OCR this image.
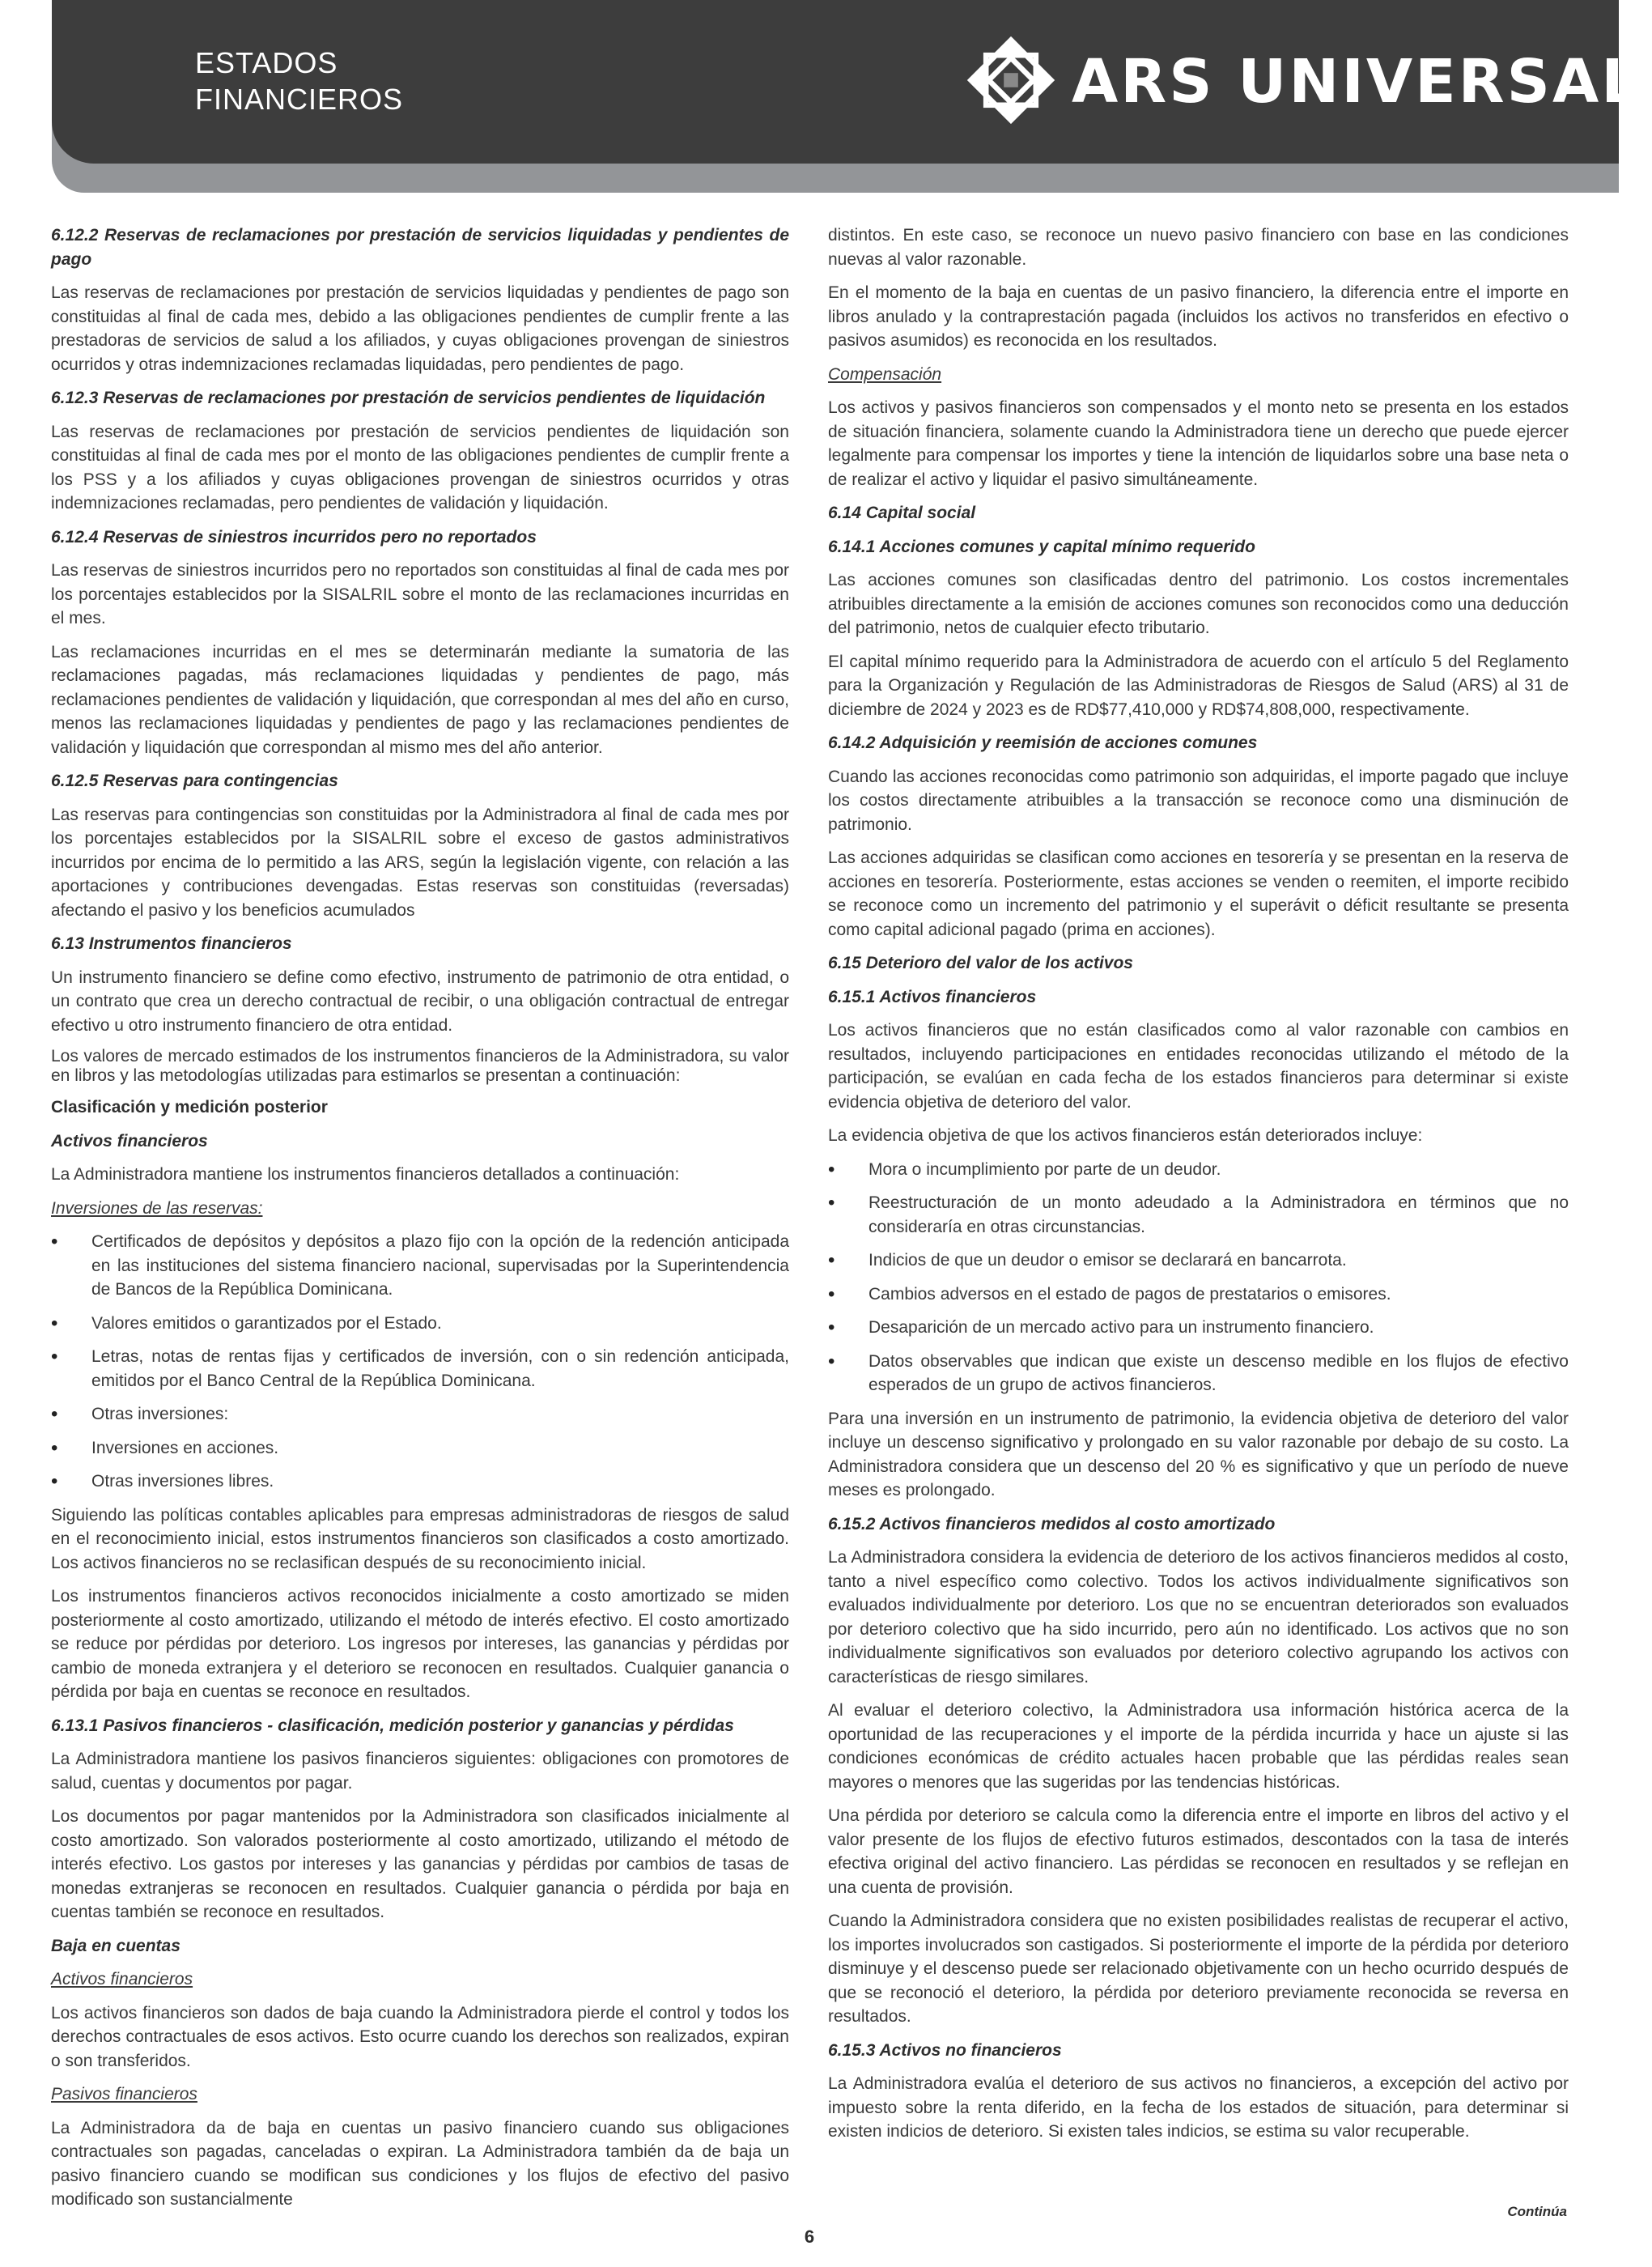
ESTADOS
FINANCIEROS	ARS UNIVERSAL®

6.12.2 Reservas de reclamaciones por prestación de servicios liquidadas y pendientes de pago

Las reservas de reclamaciones por prestación de servicios liquidadas y pendientes de pago son constituidas al final de cada mes, debido a las obligaciones pendientes de cumplir frente a las prestadoras de servicios de salud a los afiliados, y cuyas obligaciones provengan de siniestros ocurridos y otras indemnizaciones reclamadas liquidadas, pero pendientes de pago.

6.12.3 Reservas de reclamaciones por prestación de servicios pendientes de liquidación

Las reservas de reclamaciones por prestación de servicios pendientes de liquidación son constituidas al final de cada mes por el monto de las obligaciones pendientes de cumplir frente a los PSS y a los afiliados y cuyas obligaciones provengan de siniestros ocurridos y otras indemnizaciones reclamadas, pero pendientes de validación y liquidación.

6.12.4 Reservas de siniestros incurridos pero no reportados

Las reservas de siniestros incurridos pero no reportados son constituidas al final de cada mes por los porcentajes establecidos por la SISALRIL sobre el monto de las reclamaciones incurridas en el mes.

Las reclamaciones incurridas en el mes se determinarán mediante la sumatoria de las reclamaciones pagadas, más reclamaciones liquidadas y pendientes de pago, más reclamaciones pendientes de validación y liquidación, que correspondan al mes del año en curso, menos las reclamaciones liquidadas y pendientes de pago y las reclamaciones pendientes de validación y liquidación que correspondan al mismo mes del año anterior.

6.12.5 Reservas para contingencias

Las reservas para contingencias son constituidas por la Administradora al final de cada mes por los porcentajes establecidos por la SISALRIL sobre el exceso de gastos administrativos incurridos por encima de lo permitido a las ARS, según la legislación vigente, con relación a las aportaciones y contribuciones devengadas. Estas reservas son constituidas (reversadas) afectando el pasivo y los beneficios acumulados

6.13 Instrumentos financieros

Un instrumento financiero se define como efectivo, instrumento de patrimonio de otra entidad, o un contrato que crea un derecho contractual de recibir, o una obligación contractual de entregar efectivo u otro instrumento financiero de otra entidad.

Los valores de mercado estimados de los instrumentos financieros de la Administradora, su valor en libros y las metodologías utilizadas para estimarlos se presentan a continuación:

Clasificación y medición posterior

Activos financieros

La Administradora mantiene los instrumentos financieros detallados a continuación:

Inversiones de las reservas:

• Certificados de depósitos y depósitos a plazo fijo con la opción de la redención anticipada en las instituciones del sistema financiero nacional, supervisadas por la Superintendencia de Bancos de la República Dominicana.
• Valores emitidos o garantizados por el Estado.
• Letras, notas de rentas fijas y certificados de inversión, con o sin redención anticipada, emitidos por el Banco Central de la República Dominicana.
• Otras inversiones:
• Inversiones en acciones.
• Otras inversiones libres.

Siguiendo las políticas contables aplicables para empresas administradoras de riesgos de salud en el reconocimiento inicial, estos instrumentos financieros son clasificados a costo amortizado. Los activos financieros no se reclasifican después de su reconocimiento inicial.

Los instrumentos financieros activos reconocidos inicialmente a costo amortizado se miden posteriormente al costo amortizado, utilizando el método de interés efectivo. El costo amortizado se reduce por pérdidas por deterioro. Los ingresos por intereses, las ganancias y pérdidas por cambio de moneda extranjera y el deterioro se reconocen en resultados. Cualquier ganancia o pérdida por baja en cuentas se reconoce en resultados.

6.13.1 Pasivos financieros - clasificación, medición posterior y ganancias y pérdidas

La Administradora mantiene los pasivos financieros siguientes: obligaciones con promotores de salud, cuentas y documentos por pagar.

Los documentos por pagar mantenidos por la Administradora son clasificados inicialmente al costo amortizado. Son valorados posteriormente al costo amortizado, utilizando el método de interés efectivo. Los gastos por intereses y las ganancias y pérdidas por cambios de tasas de monedas extranjeras se reconocen en resultados. Cualquier ganancia o pérdida por baja en cuentas también se reconoce en resultados.

Baja en cuentas

Activos financieros

Los activos financieros son dados de baja cuando la Administradora pierde el control y todos los derechos contractuales de esos activos. Esto ocurre cuando los derechos son realizados, expiran o son transferidos.

Pasivos financieros

La Administradora da de baja en cuentas un pasivo financiero cuando sus obligaciones contractuales son pagadas, canceladas o expiran. La Administradora también da de baja un pasivo financiero cuando se modifican sus condiciones y los flujos de efectivo del pasivo modificado son sustancialmente

distintos. En este caso, se reconoce un nuevo pasivo financiero con base en las condiciones nuevas al valor razonable.

En el momento de la baja en cuentas de un pasivo financiero, la diferencia entre el importe en libros anulado y la contraprestación pagada (incluidos los activos no transferidos en efectivo o pasivos asumidos) es reconocida en los resultados.

Compensación

Los activos y pasivos financieros son compensados y el monto neto se presenta en los estados de situación financiera, solamente cuando la Administradora tiene un derecho que puede ejercer legalmente para compensar los importes y tiene la intención de liquidarlos sobre una base neta o de realizar el activo y liquidar el pasivo simultáneamente.

6.14 Capital social

6.14.1 Acciones comunes y capital mínimo requerido

Las acciones comunes son clasificadas dentro del patrimonio. Los costos incrementales atribuibles directamente a la emisión de acciones comunes son reconocidos como una deducción del patrimonio, netos de cualquier efecto tributario.

El capital mínimo requerido para la Administradora de acuerdo con el artículo 5 del Reglamento para la Organización y Regulación de las Administradoras de Riesgos de Salud (ARS) al 31 de diciembre de 2024 y 2023 es de RD$77,410,000 y RD$74,808,000, respectivamente.

6.14.2 Adquisición y reemisión de acciones comunes

Cuando las acciones reconocidas como patrimonio son adquiridas, el importe pagado que incluye los costos directamente atribuibles a la transacción se reconoce como una disminución de patrimonio.

Las acciones adquiridas se clasifican como acciones en tesorería y se presentan en la reserva de acciones en tesorería. Posteriormente, estas acciones se venden o reemiten, el importe recibido se reconoce como un incremento del patrimonio y el superávit o déficit resultante se presenta como capital adicional pagado (prima en acciones).

6.15 Deterioro del valor de los activos

6.15.1 Activos financieros

Los activos financieros que no están clasificados como al valor razonable con cambios en resultados, incluyendo participaciones en entidades reconocidas utilizando el método de la participación, se evalúan en cada fecha de los estados financieros para determinar si existe evidencia objetiva de deterioro del valor.

La evidencia objetiva de que los activos financieros están deteriorados incluye:

• Mora o incumplimiento por parte de un deudor.
• Reestructuración de un monto adeudado a la Administradora en términos que no consideraría en otras circunstancias.
• Indicios de que un deudor o emisor se declarará en bancarrota.
• Cambios adversos en el estado de pagos de prestatarios o emisores.
• Desaparición de un mercado activo para un instrumento financiero.
• Datos observables que indican que existe un descenso medible en los flujos de efectivo esperados de un grupo de activos financieros.

Para una inversión en un instrumento de patrimonio, la evidencia objetiva de deterioro del valor incluye un descenso significativo y prolongado en su valor razonable por debajo de su costo. La Administradora considera que un descenso del 20 % es significativo y que un período de nueve meses es prolongado.

6.15.2 Activos financieros medidos al costo amortizado

La Administradora considera la evidencia de deterioro de los activos financieros medidos al costo, tanto a nivel específico como colectivo. Todos los activos individualmente significativos son evaluados individualmente por deterioro. Los que no se encuentran deteriorados son evaluados por deterioro colectivo que ha sido incurrido, pero aún no identificado. Los activos que no son individualmente significativos son evaluados por deterioro colectivo agrupando los activos con características de riesgo similares.

Al evaluar el deterioro colectivo, la Administradora usa información histórica acerca de la oportunidad de las recuperaciones y el importe de la pérdida incurrida y hace un ajuste si las condiciones económicas de crédito actuales hacen probable que las pérdidas reales sean mayores o menores que las sugeridas por las tendencias históricas.

Una pérdida por deterioro se calcula como la diferencia entre el importe en libros del activo y el valor presente de los flujos de efectivo futuros estimados, descontados con la tasa de interés efectiva original del activo financiero. Las pérdidas se reconocen en resultados y se reflejan en una cuenta de provisión.

Cuando la Administradora considera que no existen posibilidades realistas de recuperar el activo, los importes involucrados son castigados. Si posteriormente el importe de la pérdida por deterioro disminuye y el descenso puede ser relacionado objetivamente con un hecho ocurrido después de que se reconoció el deterioro, la pérdida por deterioro previamente reconocida se reversa en resultados.

6.15.3 Activos no financieros

La Administradora evalúa el deterioro de sus activos no financieros, a excepción del activo por impuesto sobre la renta diferido, en la fecha de los estados de situación, para determinar si existen indicios de deterioro. Si existen tales indicios, se estima su valor recuperable.

Continúa
6
